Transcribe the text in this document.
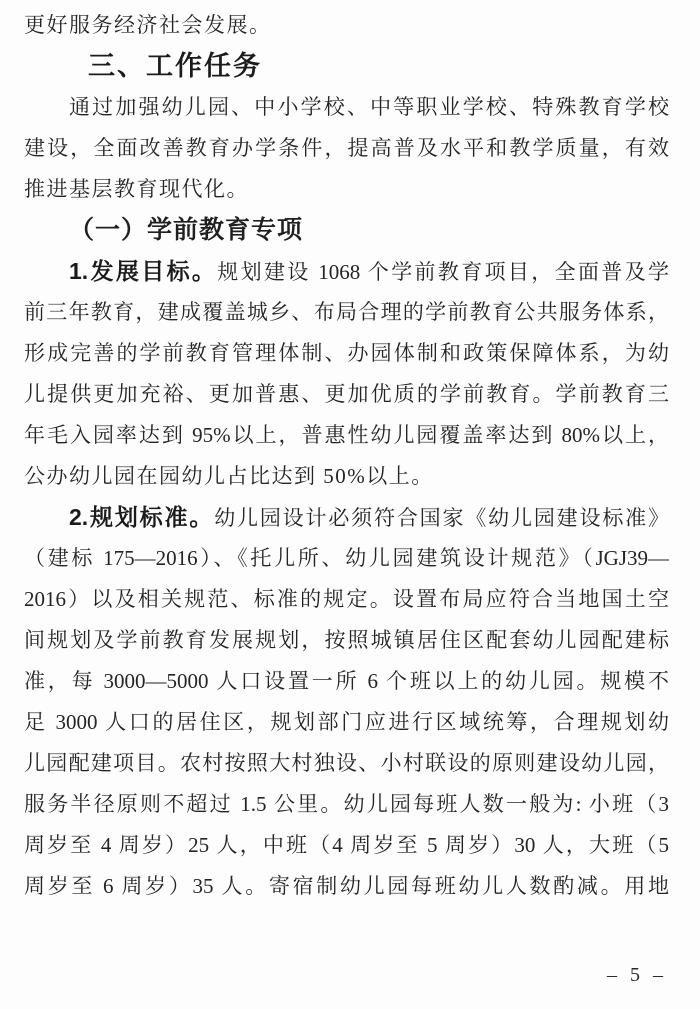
更好服务经济社会发展。
三、工作任务
通过加强幼儿园、中小学校、中等职业学校、特殊教育学校
建设，全面改善教育办学条件，提高普及水平和教学质量，有效
推进基层教育现代化。
（一）学前教育专项
1.发展目标。规划建设 1068 个学前教育项目，全面普及学
前三年教育，建成覆盖城乡、布局合理的学前教育公共服务体系，
形成完善的学前教育管理体制、办园体制和政策保障体系，为幼
儿提供更加充裕、更加普惠、更加优质的学前教育。学前教育三
年毛入园率达到 95%以上，普惠性幼儿园覆盖率达到 80%以上，
公办幼儿园在园幼儿占比达到 50%以上。
2.规划标准。幼儿园设计必须符合国家《幼儿园建设标准》
（建标 175—2016）、《托儿所、幼儿园建筑设计规范》（JGJ39—
2016）以及相关规范、标准的规定。设置布局应符合当地国土空
间规划及学前教育发展规划，按照城镇居住区配套幼儿园配建标
准，每 3000—5000 人口设置一所 6 个班以上的幼儿园。规模不
足 3000 人口的居住区，规划部门应进行区域统筹，合理规划幼
儿园配建项目。农村按照大村独设、小村联设的原则建设幼儿园，
服务半径原则不超过 1.5 公里。幼儿园每班人数一般为: 小班（3
周岁至 4 周岁）25 人，中班（4 周岁至 5 周岁）30 人，大班（5
周岁至 6 周岁）35 人。寄宿制幼儿园每班幼儿人数酌减。用地
– 5 –
